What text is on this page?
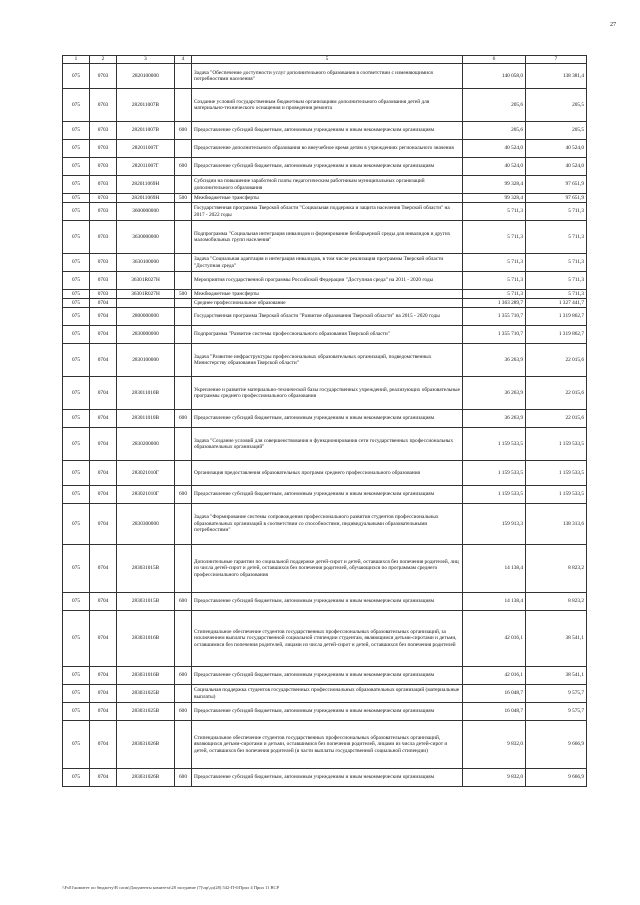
27
1	2	3	4	5	6	7
075	0703	2820100000		Задача "Обеспечение доступности услуг дополнительного образования в соответствии с изменяющимися потребностями населения"	140 058,0	138 381,4
075	0703	282011007В		Создание условий государственным бюджетным организациям дополнительного образования детей для материально-технического оснащения и проведения ремонта	205,6	205,5
075	0703	282011007В	600	Предоставление субсидий бюджетным, автономным учреждениям и иным некоммерческим организациям	205,6	205,5
075	0703	282011007Г		Предоставление дополнительного образования во внеучебное время детям в учреждениях регионального значения	40 524,0	40 524,0
075	0703	282011007Г	600	Предоставление субсидий бюджетным, автономным учреждениям и иным некоммерческим организациям	40 524,0	40 524,0
075	0703	282011069Н		Субсидии на повышение заработной платы педагогическим работникам муниципальных организаций дополнительного образования	99 328,4	97 651,9
075	0703	282011069Н	500	Межбюджетные трансферты	99 328,4	97 651,9
075	0703	3600000000		Государственная программа Тверской области "Социальная поддержка и защита населения Тверской области" на 2017 - 2022 годы	5 711,3	5 711,3
075	0703	3630000000		Подпрограмма "Социальная интеграция инвалидов и формирование безбарьерной среды для инвалидов и других маломобильных групп населения"	5 711,3	5 711,3
075	0703	3630100000		Задача "Социальная адаптация и интеграция инвалидов, в том числе реализация программы Тверской области "Доступная среда"	5 711,3	5 711,3
075	0703	36301R027Н		Мероприятия государственной программы Российской Федерации "Доступная среда" на 2011 - 2020 годы	5 711,3	5 711,3
075	0703	36301R027Н	500	Межбюджетные трансферты	5 711,3	5 711,3
075	0704			Среднее профессиональное образование	1 363 289,7	1 327 441,7
075	0704	2800000000		Государственная программа Тверской области "Развитие образования Тверской области" на 2015 - 2020 годы	1 355 710,7	1 319 862,7
075	0704	2830000000		Подпрограмма "Развитие системы профессионального образования Тверской области"	1 355 710,7	1 319 862,7
075	0704	2830100000		Задача "Развитие инфраструктуры профессиональных образовательных организаций, подведомственных Министерству образования Тверской области"	36 263,9	22 015,6
075	0704	283011010В		Укрепление и развитие материально-технической базы государственных учреждений, реализующих образовательные программы среднего профессионального образования	36 263,9	22 015,6
075	0704	283011010В	600	Предоставление субсидий бюджетным, автономным учреждениям и иным некоммерческим организациям	36 263,9	22 015,6
075	0704	2830200000		Задача "Создание условий для совершенствования и функционирования сети государственных профессиональных образовательных организаций"	1 159 533,5	1 159 533,5
075	0704	283021010Г		Организация предоставления образовательных программ среднего профессионального образования	1 159 533,5	1 159 533,5
075	0704	283021010Г	600	Предоставление субсидий бюджетным, автономным учреждениям и иным некоммерческим организациям	1 159 533,5	1 159 533,5
075	0704	2830300000		Задача "Формирование системы сопровождения профессионального развития студентов профессиональных образовательных организаций в соответствии со способностями, индивидуальными образовательными потребностями"	159 913,3	138 313,6
075	0704	283031015В		Дополнительные гарантии по социальной поддержке детей-сирот и детей, оставшихся без попечения родителей, лиц из числа детей-сирот и детей, оставшихся без попечения родителей, обучающихся по программам среднего профессионального образования	14 138,4	8 823,2
075	0704	283031015В	600	Предоставление субсидий бюджетным, автономным учреждениям и иным некоммерческим организациям	14 138,4	8 823,2
075	0704	283031016В		Стипендиальное обеспечение студентов государственных профессиональных образовательных организаций, за исключением выплаты государственной социальной стипендии студентам, являющимся детьми-сиротами и детьми, оставшимися без попечения родителей, лицами из числа детей-сирот и детей, оставшихся без попечения родителей	42 016,1	38 541,1
075	0704	283031016В	600	Предоставление субсидий бюджетным, автономным учреждениям и иным некоммерческим организациям	42 016,1	38 541,1
075	0704	283031025В		Социальная поддержка студентов государственных профессиональных образовательных организаций (материальные выплаты)	16 048,7	9 575,7
075	0704	283031025В	600	Предоставление субсидий бюджетным, автономным учреждениям и иным некоммерческим организациям	16 048,7	9 575,7
075	0704	283031026В		Стипендиальное обеспечение студентов государственных профессиональных образовательных организаций, являющихся детьми-сиротами и детьми, оставшимися без попечения родителей, лицами из числа детей-сирот и детей, оставшихся без попечения родителей (в части выплаты государственной социальной стипендии)	9 832,0	9 666,9
075	0704	283031026В	600	Предоставление субсидий бюджетным, автономным учреждениям и иным некоммерческим организациям	9 832,0	9 666,9
\\Fs01\комитет по бюджету\В сопм\Документы комитета\28 заседание (7)\пр\дл(28) 542-П-6\Прил 4 Прил 11 ВСР
